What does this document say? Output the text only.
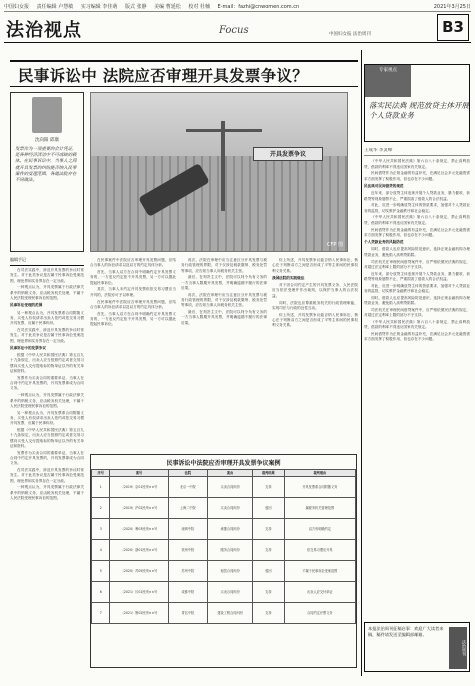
中国妇女报 责任编辑 卢慧敏 实习编辑 李佳萌 版式 张静 美编 曹延松 校对 杜楠 E-mail：fazhi@cnwomen.com.cn	2021年3月25日
法治视点	Focus	中国妇女报 法治周刊	B3
民事诉讼中 法院应否审理开具发票争议？
沈向阳 邱康
发票作为一项重要的会计凭证，是各种经济活动中不可或缺的载体。在民事诉讼中，当事人之间就开具发票的纠纷能否纳入民事案件的受理范围，各地法院存在不同做法。
开具发票争议
CFP 图
编辑手记

在司法实践中，涉及开具发票的争议时常发生。对于此类争议是否属于民事诉讼受案范围，理论界和实务界存在一定分歧。

一种观点认为，开具发票属于行政法律关系中的纳税义务，应由税务机关处理，不属于人民法院受理民事诉讼的范围。

民事诉讼受理的范围

另一种观点认为，开具发票系合同附随义务，买受人有权请求出卖人依约或依交易习惯开具发票，应属于民事纠纷。

在司法实践中，涉及开具发票的争议时常发生。对于此类争议是否属于民事诉讼受案范围，理论界和实务界存在一定分歧。

民事诉讼中的发票争议

根据《中华人民共和国民法典》第五百九十九条规定，出卖人应当按照约定或者交易习惯向买受人交付提取标的物单证以外的有关单证和资料。

发票作为买卖合同的重要单证，当事人在合同中约定开具发票的，开具发票即成为合同义务。

一种观点认为，开具发票属于行政法律关系中的纳税义务，应由税务机关处理，不属于人民法院受理民事诉讼的范围。

另一种观点认为，开具发票系合同附随义务，买受人有权请求出卖人依约或依交易习惯开具发票，应属于民事纠纷。

根据《中华人民共和国民法典》第五百九十九条规定，出卖人应当按照约定或者交易习惯向买受人交付提取标的物单证以外的有关单证和资料。

发票作为买卖合同的重要单证，当事人在合同中约定开具发票的，开具发票即成为合同义务。

在司法实践中，涉及开具发票的争议时常发生。对于此类争议是否属于民事诉讼受案范围，理论界和实务界存在一定分歧。

一种观点认为，开具发票属于行政法律关系中的纳税义务，应由税务机关处理，不属于人民法院受理民事诉讼的范围。

在民事案件中法院应否审理开具发票问题，应结合当事人的诉讼请求以及双方的约定具体分析。

首先，当事人双方在合同中明确约定开具发票义务的，一方违反约定拒不开具发票，另一方可以据此提起民事诉讼。

其次，当事人未约定开具发票但依交易习惯应当开具的，法院亦可予以审理。

在民事案件中法院应否审理开具发票问题，应结合当事人的诉讼请求以及双方的约定具体分析。

首先，当事人双方在合同中明确约定开具发票义务的，一方违反约定拒不开具发票，另一方可以据此提起民事诉讼。

再次，法院在审理中应当注意区分开具发票与税务行政管理的界限，对于仅涉及税款缴纳、税务处罚等事项，应告知当事人向税务机关主张。

最后，在判决主文中，法院可以判令负有义务的一方当事人限期开具发票，并明确逾期不履行的法律后果。

再次，法院在审理中应当注意区分开具发票与税务行政管理的界限，对于仅涉及税款缴纳、税务处罚等事项，应告知当事人向税务机关主张。

最后，在判决主文中，法院可以判令负有义务的一方当事人限期开具发票，并明确逾期不履行的法律后果。

综上所述，开具发票争议能否纳入民事诉讼，核心在于判断双方之间是否形成了平等主体间的民事权利义务关系。

我国法院的实践做法

对于因合同约定产生的开具发票义务，人民法院应当依法受理并作出裁判，以保护当事人的合法权益。

同时，法院也应尊重税务机关的行政管理职能，实现司法与行政的良性互动。

综上所述，开具发票争议能否纳入民事诉讼，核心在于判断双方之间是否形成了平等主体间的民事权利义务关系。

民事诉讼中法院应否审理开具发票争议案例
序号	案号	法院	案由	裁判结果	裁判理由
1	（2019）京01民终××号	北京一中院	买卖合同纠纷	支持	开具发票系合同附随义务
2	（2019）沪02民终××号	上海二中院	买卖合同纠纷	驳回	属税务机关管理范围
3	（2020）粤03民终××号	深圳中院	承揽合同纠纷	支持	双方有明确约定
4	（2020）浙01民终××号	杭州中院	服务合同纠纷	支持	依交易习惯应开具
5	（2020）苏05民终××号	苏州中院	租赁合同纠纷	驳回	不属于民事诉讼受案范围
6	（2021）川01民终××号	成都中院	买卖合同纠纷	支持	出卖人应交付单证
7	（2021）鲁02民终××号	青岛中院	建设工程合同纠纷	支持	合同约定开票义务
专家视点
落实民法典 规范放贷主体开展个人贷款业务
王成华 李灵峰

《中华人民共和国民法典》第六百八十条规定，禁止高利放贷，借款的利率不得违反国家有关规定。

民间借贷作为正规金融的有益补充，在满足社会多元化融资需求方面发挥了积极作用，但也存在不少问题。

民法典对民间借贷的规范

近年来，部分放贷主体违规开展个人贷款业务，暴力催收、套路贷等现象屡禁不止，严重损害了借款人的合法权益。

对此，应进一步明确放贷主体的资质要求，加强对个人贷款业务的监管，切实维护金融秩序和社会稳定。

《中华人民共和国民法典》第六百八十条规定，禁止高利放贷，借款的利率不得违反国家有关规定。

民间借贷作为正规金融的有益补充，在满足社会多元化融资需求方面发挥了积极作用，但也存在不少问题。

个人贷款业务的风险防范

同时，借款人也应提高风险防范意识，选择正规金融机构办理贷款业务，避免陷入高利贷陷阱。

司法机关在审理民间借贷案件中，应严格依照民法典的规定，对超过法定利率上限的部分不予支持。

近年来，部分放贷主体违规开展个人贷款业务，暴力催收、套路贷等现象屡禁不止，严重损害了借款人的合法权益。

对此，应进一步明确放贷主体的资质要求，加强对个人贷款业务的监管，切实维护金融秩序和社会稳定。

同时，借款人也应提高风险防范意识，选择正规金融机构办理贷款业务，避免陷入高利贷陷阱。

司法机关在审理民间借贷案件中，应严格依照民法典的规定，对超过法定利率上限的部分不予支持。

《中华人民共和国民法典》第六百八十条规定，禁止高利放贷，借款的利率不得违反国家有关规定。

民间借贷作为正规金融的有益补充，在满足社会多元化融资需求方面发挥了积极作用，但也存在不少问题。

本报法治周刊征稿启事：欢迎广大读者来稿，稿件请发送至编辑部邮箱。
法治周刊
